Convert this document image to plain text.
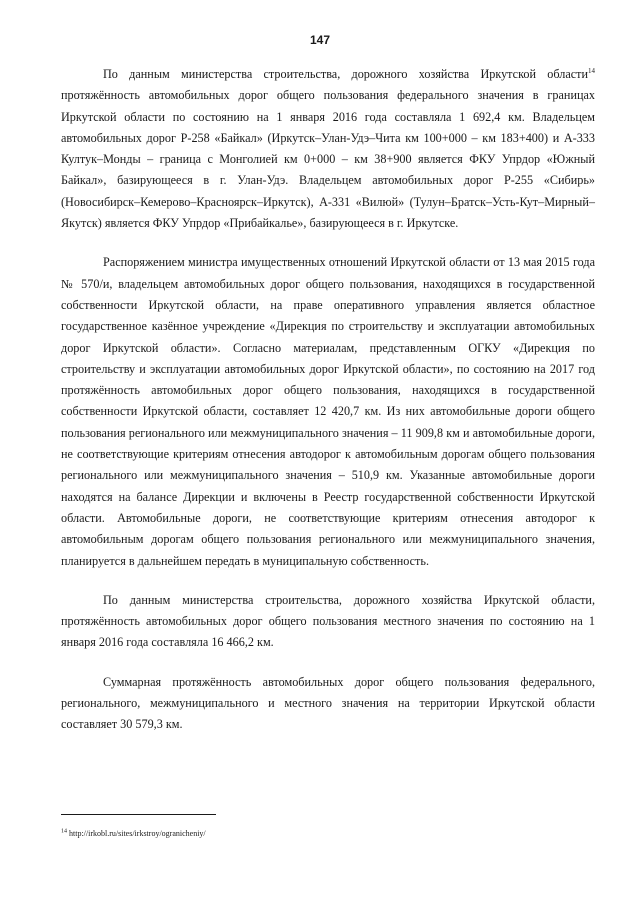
147

По данным министерства строительства, дорожного хозяйства Иркутской области$^{14}$ протяжённость автомобильных дорог общего пользования федерального значения в границах Иркутской области по состоянию на 1 января 2016 года составляла 1 692,4 км. Владельцем автомобильных дорог Р-258 «Байкал» (Иркутск–Улан-Удэ–Чита км 100+000 – км 183+400) и А-333 Култук–Монды – граница с Монголией км 0+000 – км 38+900 является ФКУ Упрдор «Южный Байкал», базирующееся в г. Улан-Удэ. Владельцем автомобильных дорог Р-255 «Сибирь» (Новосибирск–Кемерово–Красноярск–Иркутск), А-331 «Вилюй» (Тулун–Братск–Усть-Кут–Мирный–Якутск) является ФКУ Упрдор «Прибайкалье», базирующееся в г. Иркутске.

Распоряжением министра имущественных отношений Иркутской области от 13 мая 2015 года № 570/и, владельцем автомобильных дорог общего пользования, находящихся в государственной собственности Иркутской области, на праве оперативного управления является областное государственное казённое учреждение «Дирекция по строительству и эксплуатации автомобильных дорог Иркутской области». Согласно материалам, представленным ОГКУ «Дирекция по строительству и эксплуатации автомобильных дорог Иркутской области», по состоянию на 2017 год протяжённость автомобильных дорог общего пользования, находящихся в государственной собственности Иркутской области, составляет 12 420,7 км. Из них автомобильные дороги общего пользования регионального или межмуниципального значения – 11 909,8 км и автомобильные дороги, не соответствующие критериям отнесения автодорог к автомобильным дорогам общего пользования регионального или межмуниципального значения – 510,9 км. Указанные автомобильные дороги находятся на балансе Дирекции и включены в Реестр государственной собственности Иркутской области. Автомобильные дороги, не соответствующие критериям отнесения автодорог к автомобильным дорогам общего пользования регионального или межмуниципального значения, планируется в дальнейшем передать в муниципальную собственность.

По данным министерства строительства, дорожного хозяйства Иркутской области, протяжённость автомобильных дорог общего пользования местного значения по состоянию на 1 января 2016 года составляла 16 466,2 км.

Суммарная протяжённость автомобильных дорог общего пользования федерального, регионального, межмуниципального и местного значения на территории Иркутской области составляет 30 579,3 км.

$^{14}$ http://irkobl.ru/sites/irkstroy/ogranicheniy/
